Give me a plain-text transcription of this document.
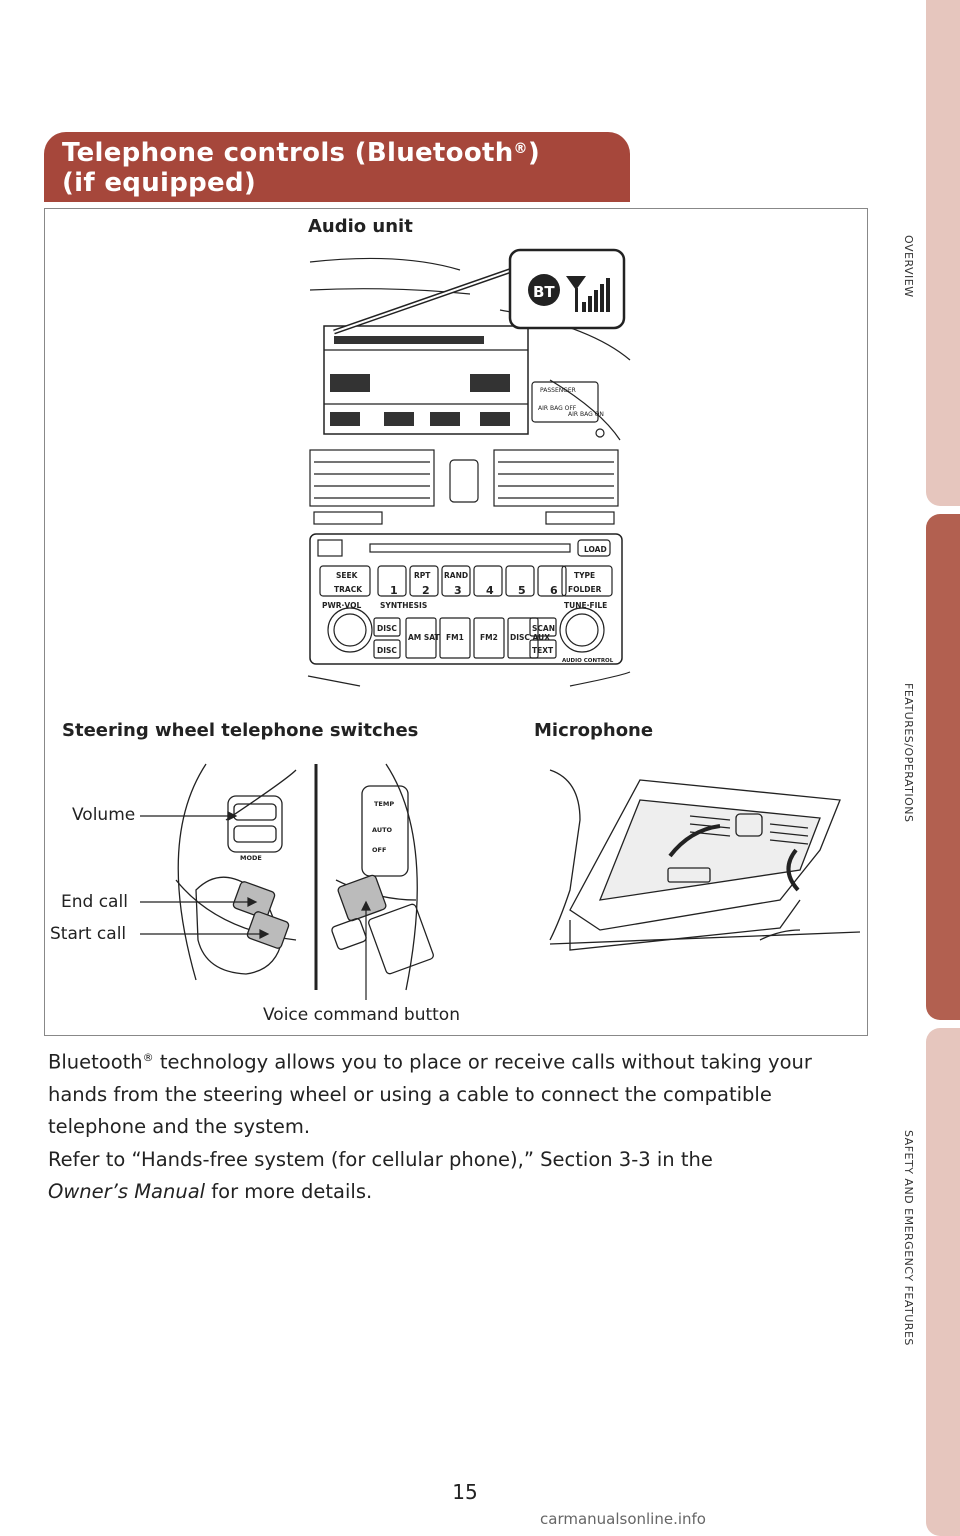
OVERVIEW
FEATURES/OPERATIONS
SAFETY AND EMERGENCY FEATURES
Telephone controls (Bluetooth®)
(if equipped)
Audio unit
PASSENGER
AIR BAG OFF
AIR BAG ON
LOAD
SEEK
TRACK
RPT RAND	TYPE
FOLDER
PWR·VOL	TUNE·FILE
SYNTHESIS
DISC
DISC
AM SAT FM1 FM2 DISC AUX
SCAN
TEXT
AUDIO CONTROL
1 2 3 4 5 6
BT
Steering wheel telephone switches	Microphone
MODE
AUTO
OFF
TEMP
Volume
End call
Start call
Voice command button
Bluetooth® technology allows you to place or receive calls without taking your hands from the steering wheel or using a cable to connect the compatible telephone and the system.
Refer to “Hands-free system (for cellular phone),” Section 3-3 in the
Owner’s Manual for more details.
15
carmanualsonline.info
